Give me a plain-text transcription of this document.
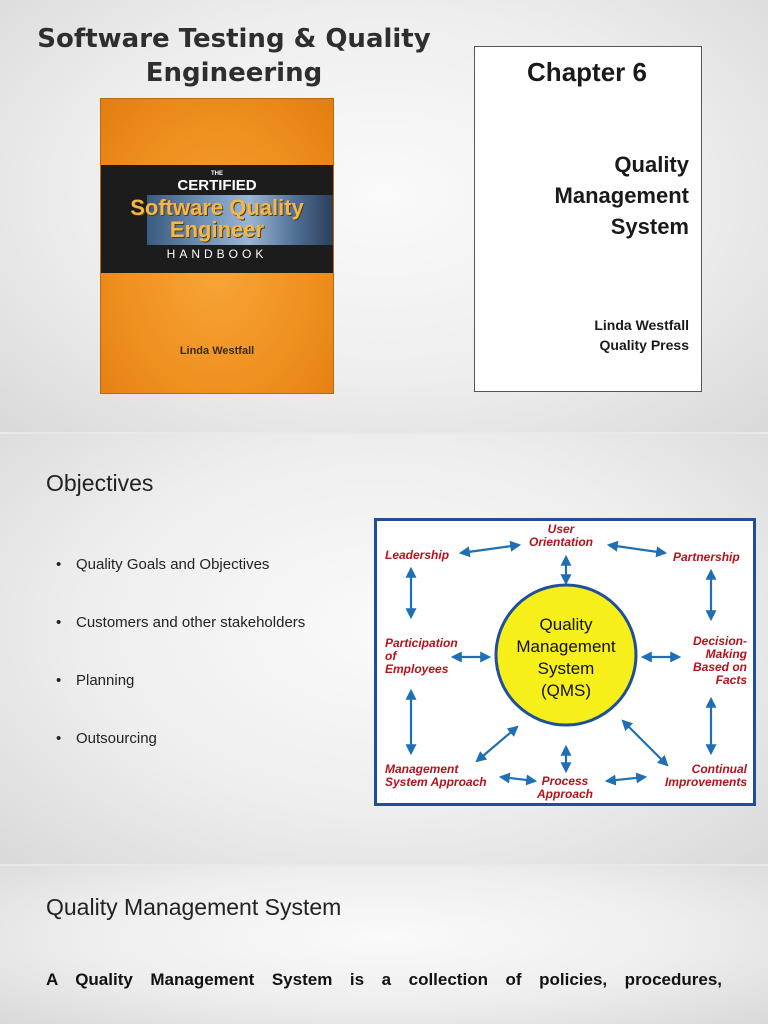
Software Testing & Quality
Engineering
THE
CERTIFIED
Software Quality
Engineer
HANDBOOK
Linda Westfall
Chapter 6
Quality
Management
System
Linda Westfall
Quality Press
Objectives
• Quality Goals and Objectives
• Customers and other stakeholders
• Planning
• Outsourcing
Quality
Management
System
(QMS)
User
Orientation
Leadership	Partnership
Participation
of
Employees
Decision-
Making
Based on
Facts
Management
System Approach	Process
Approach
Continual
Improvements
Quality Management System
A Quality Management System is a collection of policies, procedures,
